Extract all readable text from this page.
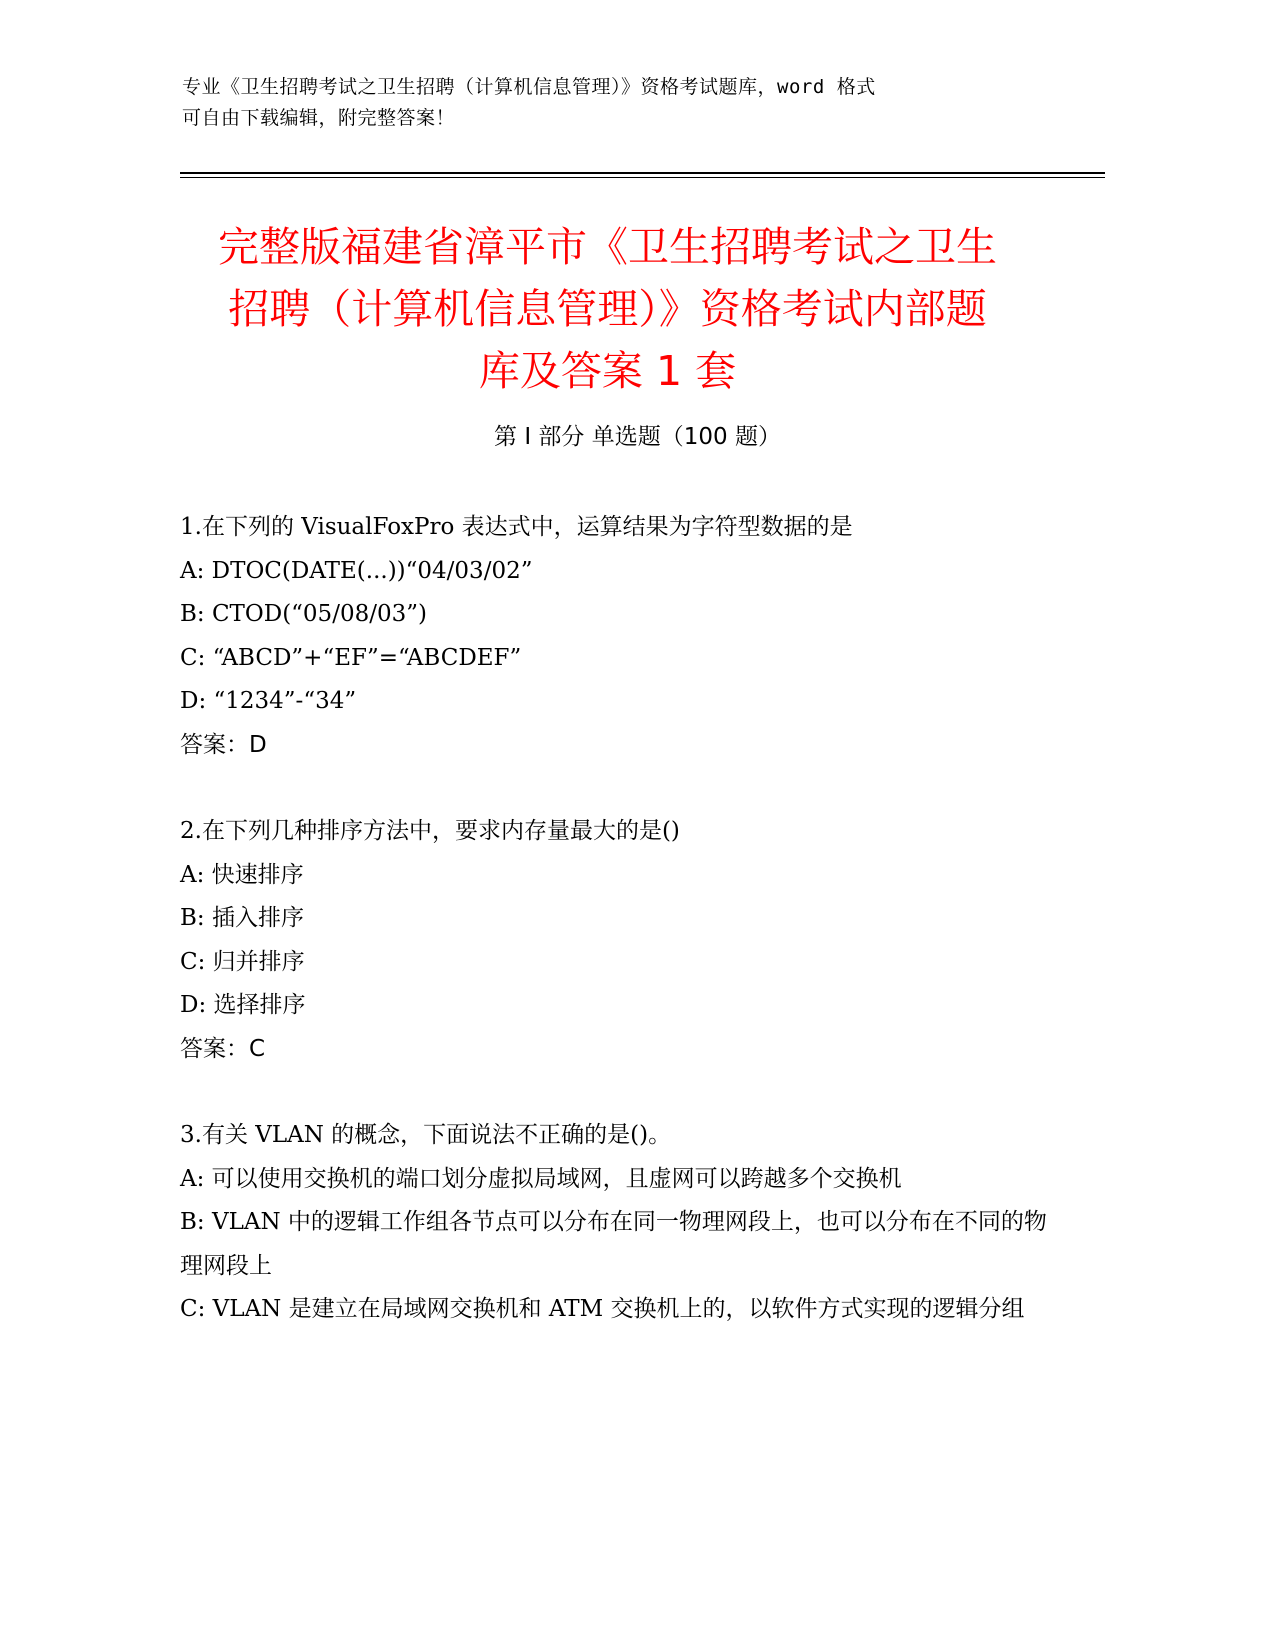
专业《卫生招聘考试之卫生招聘（计算机信息管理）》资格考试题库，word 格式
可自由下载编辑，附完整答案！
完整版福建省漳平市《卫生招聘考试之卫生
招聘（计算机信息管理）》资格考试内部题
库及答案 1 套
第 I 部分 单选题（100 题）
1.在下列的 VisualFoxPro 表达式中，运算结果为字符型数据的是
A: DTOC(DATE(...))“04/03/02”
B: CTOD(“05/08/03”)
C: “ABCD”+“EF”=“ABCDEF”
D: “1234”-“34”
答案：D
2.在下列几种排序方法中，要求内存量最大的是()
A: 快速排序
B: 插入排序
C: 归并排序
D: 选择排序
答案：C
3.有关 VLAN 的概念，下面说法不正确的是()。
A: 可以使用交换机的端口划分虚拟局域网，且虚网可以跨越多个交换机
B: VLAN 中的逻辑工作组各节点可以分布在同一物理网段上，也可以分布在不同的物理网段上
C: VLAN 是建立在局域网交换机和 ATM 交换机上的，以软件方式实现的逻辑分组
